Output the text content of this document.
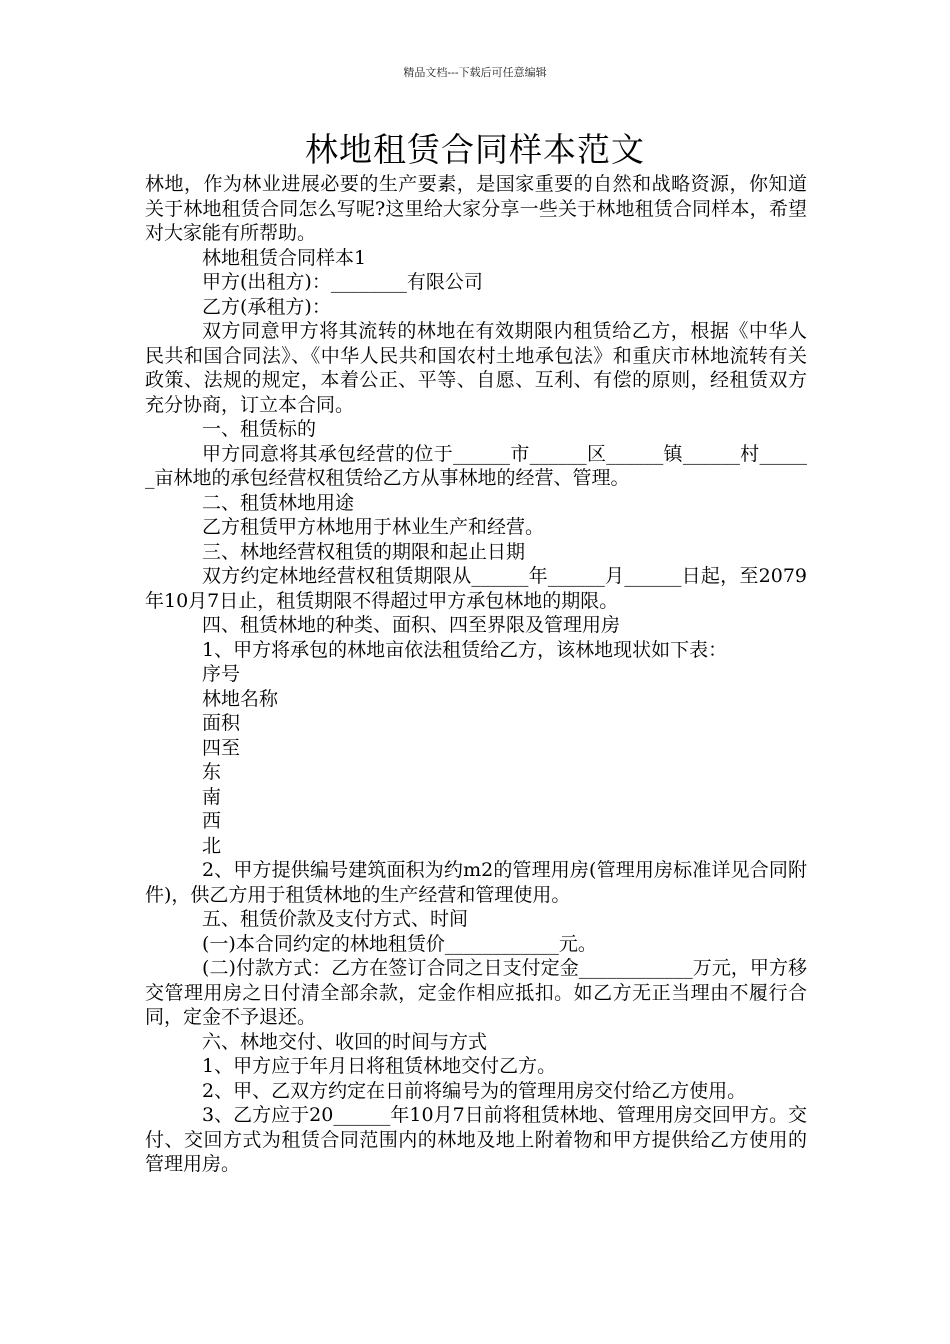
精品文档---下载后可任意编辑
林地租赁合同样本范文

林地，作为林业进展必要的生产要素，是国家重要的自然和战略资源，你知道关于林地租赁合同怎么写呢?这里给大家分享一些关于林地租赁合同样本，希望对大家能有所帮助。

林地租赁合同样本1

甲方(出租方)：________有限公司

乙方(承租方)：

双方同意甲方将其流转的林地在有效期限内租赁给乙方，根据《中华人民共和国合同法》、《中华人民共和国农村土地承包法》和重庆市林地流转有关政策、法规的规定，本着公正、平等、自愿、互利、有偿的原则，经租赁双方充分协商，订立本合同。

一、租赁标的

甲方同意将其承包经营的位于______市______区______镇______村______亩林地的承包经营权租赁给乙方从事林地的经营、管理。

二、租赁林地用途

乙方租赁甲方林地用于林业生产和经营。

三、林地经营权租赁的期限和起止日期

双方约定林地经营权租赁期限从______年______月______日起，至2079年10月7日止，租赁期限不得超过甲方承包林地的期限。

四、租赁林地的种类、面积、四至界限及管理用房

1、甲方将承包的林地亩依法租赁给乙方，该林地现状如下表：

序号

林地名称

面积

四至

东

南

西

北

2、甲方提供编号建筑面积为约m2的管理用房(管理用房标准详见合同附件)，供乙方用于租赁林地的生产经营和管理使用。

五、租赁价款及支付方式、时间

(一)本合同约定的林地租赁价____________元。

(二)付款方式：乙方在签订合同之日支付定金____________万元，甲方移交管理用房之日付清全部余款，定金作相应抵扣。如乙方无正当理由不履行合同，定金不予退还。

六、林地交付、收回的时间与方式

1、甲方应于年月日将租赁林地交付乙方。

2、甲、乙双方约定在日前将编号为的管理用房交付给乙方使用。

3、乙方应于20______年10月7日前将租赁林地、管理用房交回甲方。交付、交回方式为租赁合同范围内的林地及地上附着物和甲方提供给乙方使用的管理用房。
